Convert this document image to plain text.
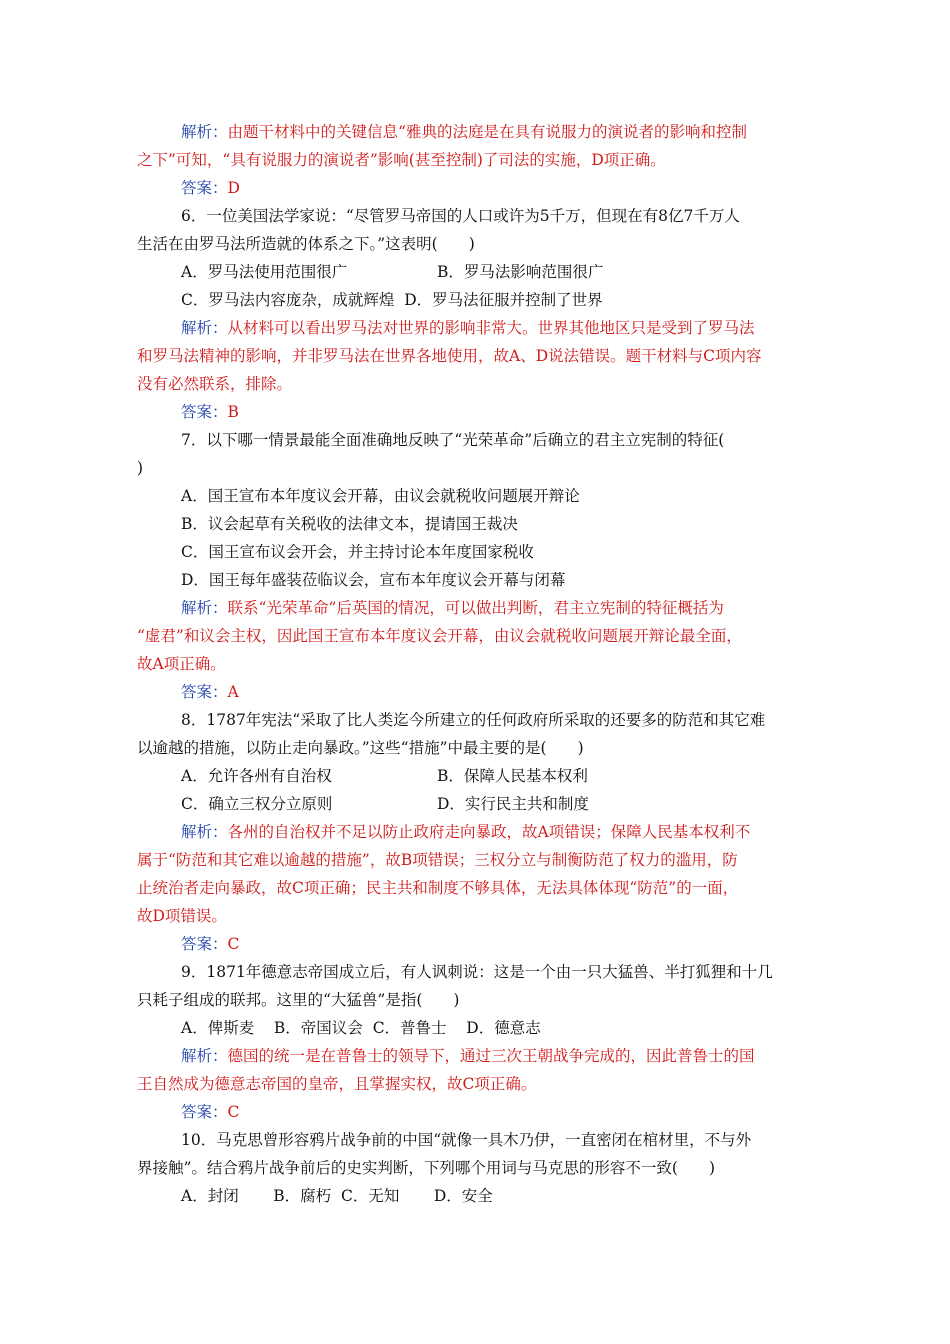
解析：由题干材料中的关键信息“雅典的法庭是在具有说服力的演说者的影响和控制
之下”可知，“具有说服力的演说者”影响(甚至控制)了司法的实施，D项正确。
答案：D
6．一位美国法学家说：“尽管罗马帝国的人口或许为5千万，但现在有8亿7千万人
生活在由罗马法所造就的体系之下。”这表明(　　)
A．罗马法使用范围很广	B．罗马法影响范围很广
C．罗马法内容庞杂，成就辉煌 D．罗马法征服并控制了世界
解析：从材料可以看出罗马法对世界的影响非常大。世界其他地区只是受到了罗马法
和罗马法精神的影响，并非罗马法在世界各地使用，故A、D说法错误。题干材料与C项内容
没有必然联系，排除。
答案：B
7．以下哪一情景最能全面准确地反映了“光荣革命”后确立的君主立宪制的特征(
)
A．国王宣布本年度议会开幕，由议会就税收问题展开辩论
B．议会起草有关税收的法律文本，提请国王裁决
C．国王宣布议会开会，并主持讨论本年度国家税收
D．国王每年盛装莅临议会，宣布本年度议会开幕与闭幕
解析：联系“光荣革命”后英国的情况，可以做出判断，君主立宪制的特征概括为
“虚君”和议会主权，因此国王宣布本年度议会开幕，由议会就税收问题展开辩论最全面，
故A项正确。
答案：A
8．1787年宪法“采取了比人类迄今所建立的任何政府所采取的还要多的防范和其它难
以逾越的措施，以防止走向暴政。”这些“措施”中最主要的是(　　)
A．允许各州有自治权	B．保障人民基本权利
C．确立三权分立原则	D．实行民主共和制度
解析：各州的自治权并不足以防止政府走向暴政，故A项错误；保障人民基本权利不
属于“防范和其它难以逾越的措施”，故B项错误；三权分立与制衡防范了权力的滥用，防
止统治者走向暴政，故C项正确；民主共和制度不够具体，无法具体体现“防范”的一面，
故D项错误。
答案：C
9．1871年德意志帝国成立后，有人讽刺说：这是一个由一只大猛兽、半打狐狸和十几
只耗子组成的联邦。这里的“大猛兽”是指(　　)
A．俾斯麦 B．帝国议会 C．普鲁士 D．德意志
解析：德国的统一是在普鲁士的领导下，通过三次王朝战争完成的，因此普鲁士的国
王自然成为德意志帝国的皇帝，且掌握实权，故C项正确。
答案：C
10．马克思曾形容鸦片战争前的中国“就像一具木乃伊，一直密闭在棺材里，不与外
界接触”。结合鸦片战争前后的史实判断，下列哪个用词与马克思的形容不一致(　　)
A．封闭 B．腐朽 C．无知 D．安全
